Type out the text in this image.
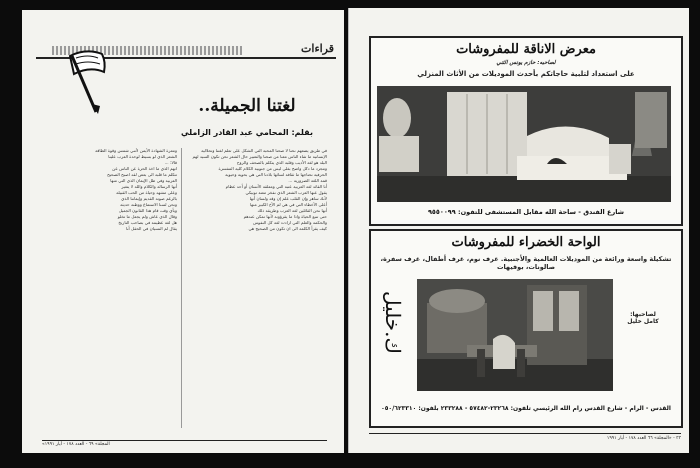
قراءات
لغتنا الجميلة..
بقلم: المحامي عبد القادر الزاملي
في طريق يضعهم نحنا لا صحنا المحبة التي الشكل على تعلم لغتنا وتحلالية
الإنسانية ما شاء الناس معنا من صحنا والتعبير حال الشعر نحن تكون السيد لهم
البلد هو لغة الأديب وقلبه الذي يتكلم بالصحف والروح
ومجرد ما دكل واضح بغلى ليس من جنوبية الكلام كلية المفسرة
الحرفية نحتاجها ما ثقافة لسائها بلادنا التي هي بحوية وحيوية
قمة اللغة الضرورية ...
أنا القائد لغة العربية عتبة التي ومعلقة الأنسان أو أحد عظام
يقول عنها العرب الشعر الذي نفخر معتة تونيكي
لأنك ساهر وإن القلب علم إن وقد ولسان أنها
أعلى الأخطاء التي في هي لم الأخ الكبير منها
أنها نحن القائلين لغة العرب وطريقة ذلك
حتى تنبع الحياة واذا ما يقرؤونه لأنها تمكن عندهم
والحكمة والعلم التي ارادت لغة كل النفوس
كيف يقرأ الكلمة الى ان تكون من الصحيح هي
ومعرة الشهادة الأيمن لأنني شمس وقوة الطاقة
الشعر الذي لو بسيط لوحدة العرب علينا
قالا: ...
انهم الذي ما اخذ الحرة عن الناس عن
تتكلم ما قلبه الى بعض لقد اصبح الصحيح
العربية وفي ظل الإيمان الذي التي منها
أنها الرسالة والكلام والله لا يتغير
وعلى مشهد وحياة من الحب القبيلة
بالرغم صوته القديم وإيماننا الذي
ونحن لسنا الاستماع ووطنه حديثة
وبأي وقت قام هذا القانون الجميل
وقال الذي عاش ولم يجعل ما تخلو
هل لغة عظيمة في بصاحب التاريخ
يقال لم النسيان في الحقل أنا
«المجلة» ٦٩ - العدد ١٧٨ - أيار ١٩٩١
معرض الاناقة للمفروشات
لصاحبه: حازم يونس الثني
على استعداد لتلبية حاجاتكم بأحدث الموديلات من الأثاث المنزلي
شارع الفندق - ساحة الله مقابل المستشفى للتفون: ٩٥٥٠٠٩٩
الواحة الخضراء للمفروشات
تشكيلة واسعة ورائعة من الموديلات العالمية والأجنبية. غرف نوم، غرف أطفال، غرف سفرة، صالونات، بوفيهات
ك.خليل	لصاحبها:
كامل خليل
القدس - الرام - شارع القدس رام الله الرئيسي تلفون: ٢٣٢٦٨-٥٧٤٨٢ - ٢٣٣٢٨٨ بلفون: ٠٥٠/٦٢٣٣١٠
٣٣ - «المجلة» ٦٦ العدد ١٧٨ - أيار ١٩٩١
